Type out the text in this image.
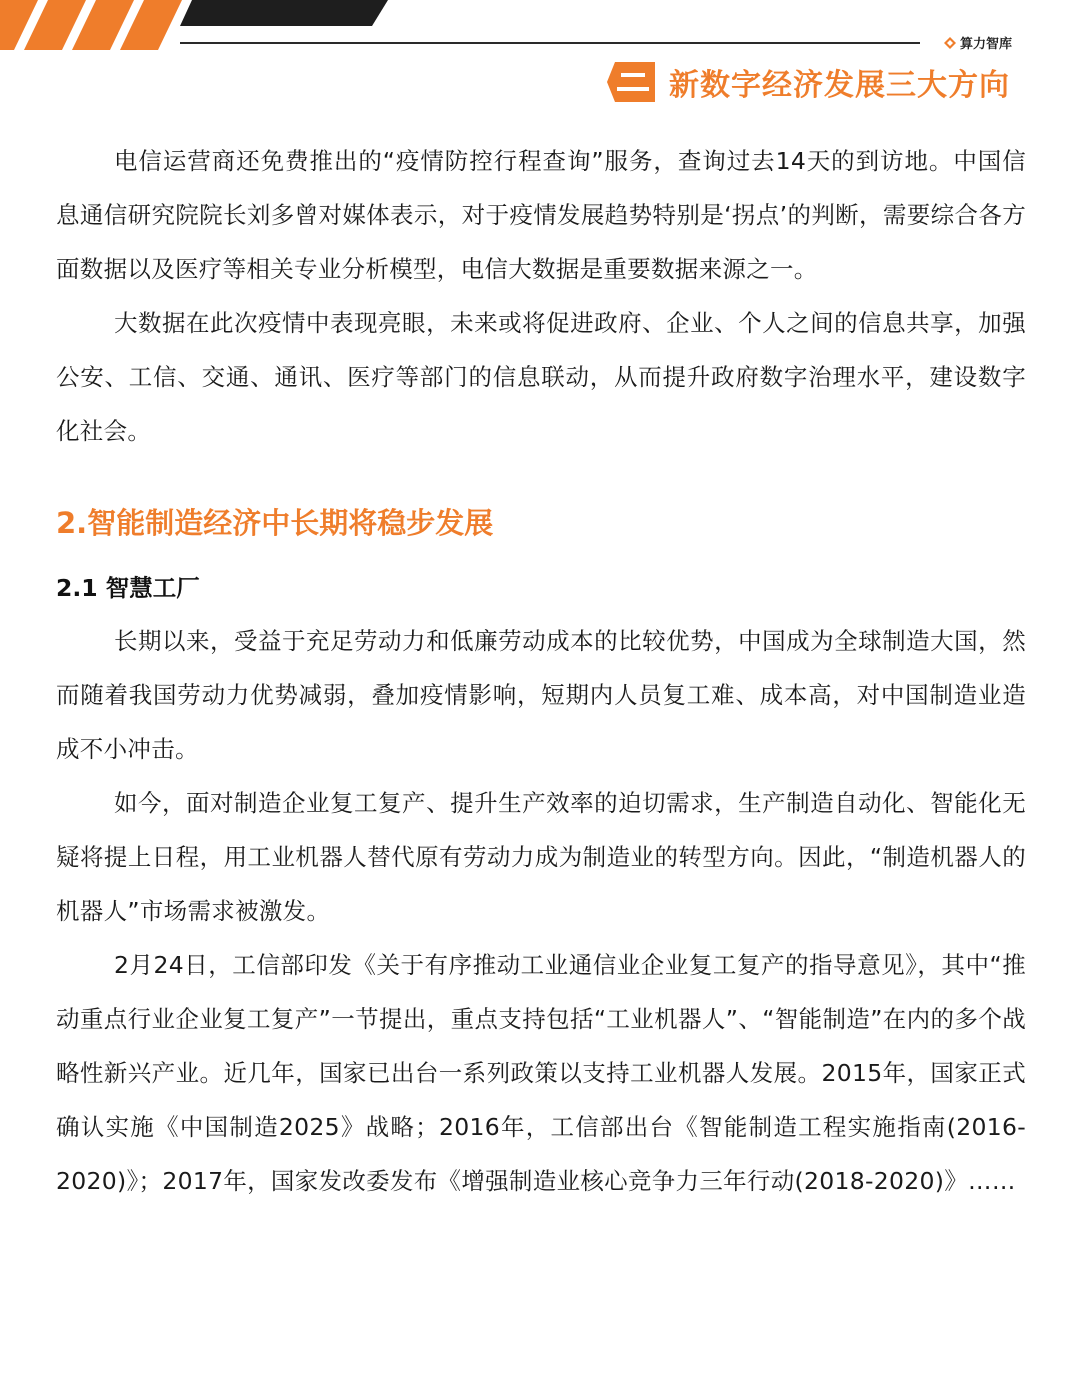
算力智库
新数字经济发展三大方向

电信运营商还免费推出的“疫情防控行程查询”服务，查询过去14天的到访地。中国信息通信研究院院长刘多曾对媒体表示，对于疫情发展趋势特别是‘拐点’的判断，需要综合各方面数据以及医疗等相关专业分析模型，电信大数据是重要数据来源之一。

大数据在此次疫情中表现亮眼，未来或将促进政府、企业、个人之间的信息共享，加强公安、工信、交通、通讯、医疗等部门的信息联动，从而提升政府数字治理水平，建设数字化社会。

2.智能制造经济中长期将稳步发展
2.1 智慧工厂

长期以来，受益于充足劳动力和低廉劳动成本的比较优势，中国成为全球制造大国，然而随着我国劳动力优势减弱，叠加疫情影响，短期内人员复工难、成本高，对中国制造业造成不小冲击。

如今，面对制造企业复工复产、提升生产效率的迫切需求，生产制造自动化、智能化无疑将提上日程，用工业机器人替代原有劳动力成为制造业的转型方向。因此，“制造机器人的机器人”市场需求被激发。

2月24日，工信部印发《关于有序推动工业通信业企业复工复产的指导意见》，其中“推动重点行业企业复工复产”一节提出，重点支持包括“工业机器人”、“智能制造”在内的多个战略性新兴产业。近几年，国家已出台一系列政策以支持工业机器人发展。2015年，国家正式确认实施《中国制造2025》战略；2016年，工信部出台《智能制造工程实施指南(2016-2020)》；2017年，国家发改委发布《增强制造业核心竞争力三年行动(2018-2020)》……
